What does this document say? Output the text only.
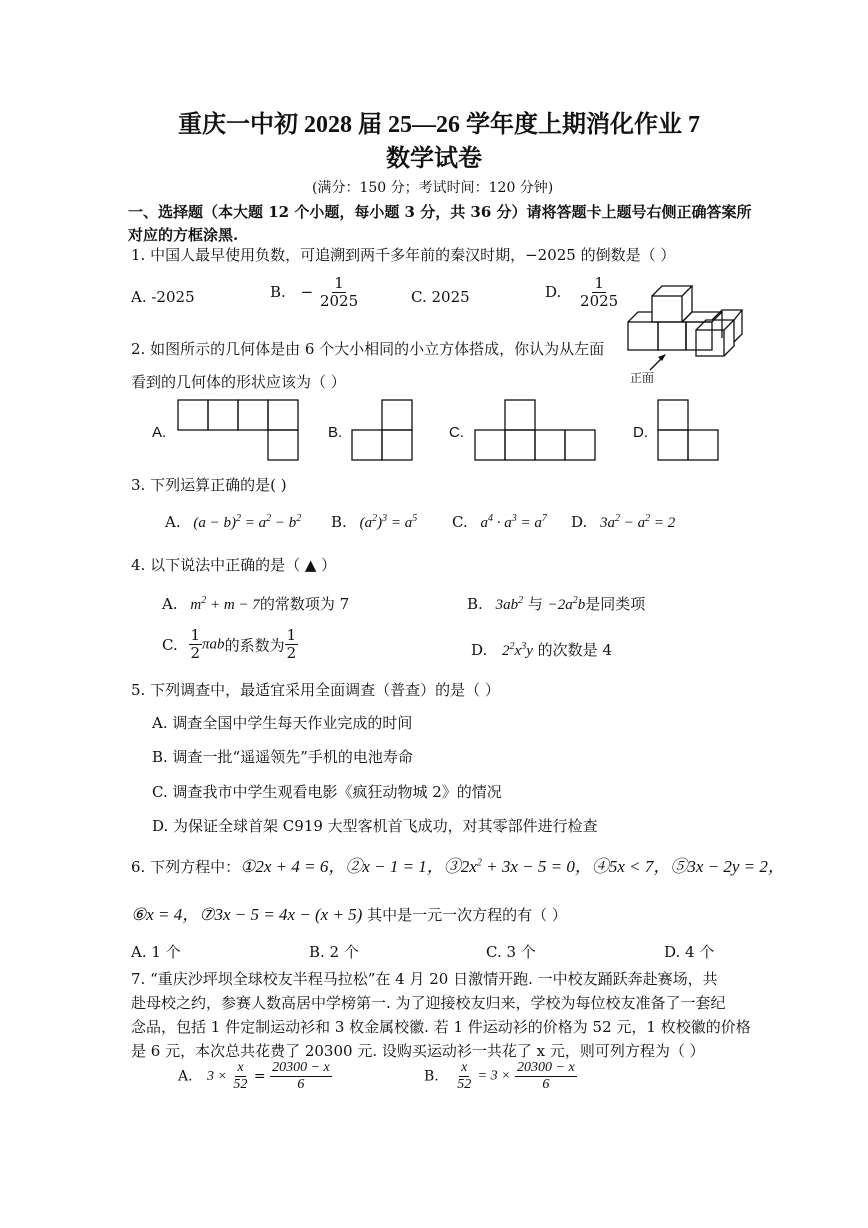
重庆一中初 2028 届 25—26 学年度上期消化作业 7
数学试卷
(满分：150 分；考试时间：120 分钟)
一、选择题（本大题 12 个小题，每小题 3 分，共 36 分）请将答题卡上题号右侧正确答案所
对应的方框涂黑.
1. 中国人最早使用负数，可追溯到两千多年前的秦汉时期，−2025 的倒数是（ ）
A. -2025	B. − $\frac{1}{2025}$	C. 2025	D. $\frac{1}{2025}$
2. 如图所示的几何体是由 6 个大小相同的小立方体搭成，你认为从左面
看到的几何体的形状应该为（ ）	正面
A.	B.	C.	D.
3. 下列运算正确的是( )
A. $(a - b)^2 = a^2 - b^2$ B. $(a^2)^3 = a^5$ C. $a^4 \cdot a^3 = a^7$ D. $3a^2 - a^2 = 2$
4. 以下说法中正确的是（ ▲ ）
A. $m^2 + m - 7$的常数项为 7	B. $3ab^2$ 与 $-2a^2b$是同类项
C. $\frac{1}{2}$ πab的系数为 $\frac{1}{2}$	D. $2^2x^3y$ 的次数是 4
5. 下列调查中，最适宜采用全面调查（普查）的是（ ）
A. 调查全国中学生每天作业完成的时间
B. 调查一批“遥遥领先”手机的电池寿命
C. 调查我市中学生观看电影《疯狂动物城 2》的情况
D. 为保证全球首架 C919 大型客机首飞成功，对其零部件进行检查
6. 下列方程中：①2x + 4 = 6，②x − 1 = 1，$③2x^2 + 3x - 5 = 0$，④5x < 7，⑤3x − 2y = 2，
⑥x = 4，⑦3x − 5 = 4x − (x + 5) 其中是一元一次方程的有（ ）
A. 1 个	B. 2 个	C. 3 个	D. 4 个
7. “重庆沙坪坝全球校友半程马拉松”在 4 月 20 日激情开跑. 一中校友踊跃奔赴赛场，共
赴母校之约，参赛人数高居中学榜第一. 为了迎接校友归来，学校为每位校友准备了一套纪
念品，包括 1 件定制运动衫和 3 枚金属校徽. 若 1 件运动衫的价格为 52 元，1 枚校徽的价格
是 6 元，本次总共花费了 20300 元. 设购买运动衫一共花了 x 元，则可列方程为（ ）
A. $3 \times \frac{x}{52} = \frac{20300 - x}{6}$	B. $\frac{x}{52} = 3 \times \frac{20300 - x}{6}$
